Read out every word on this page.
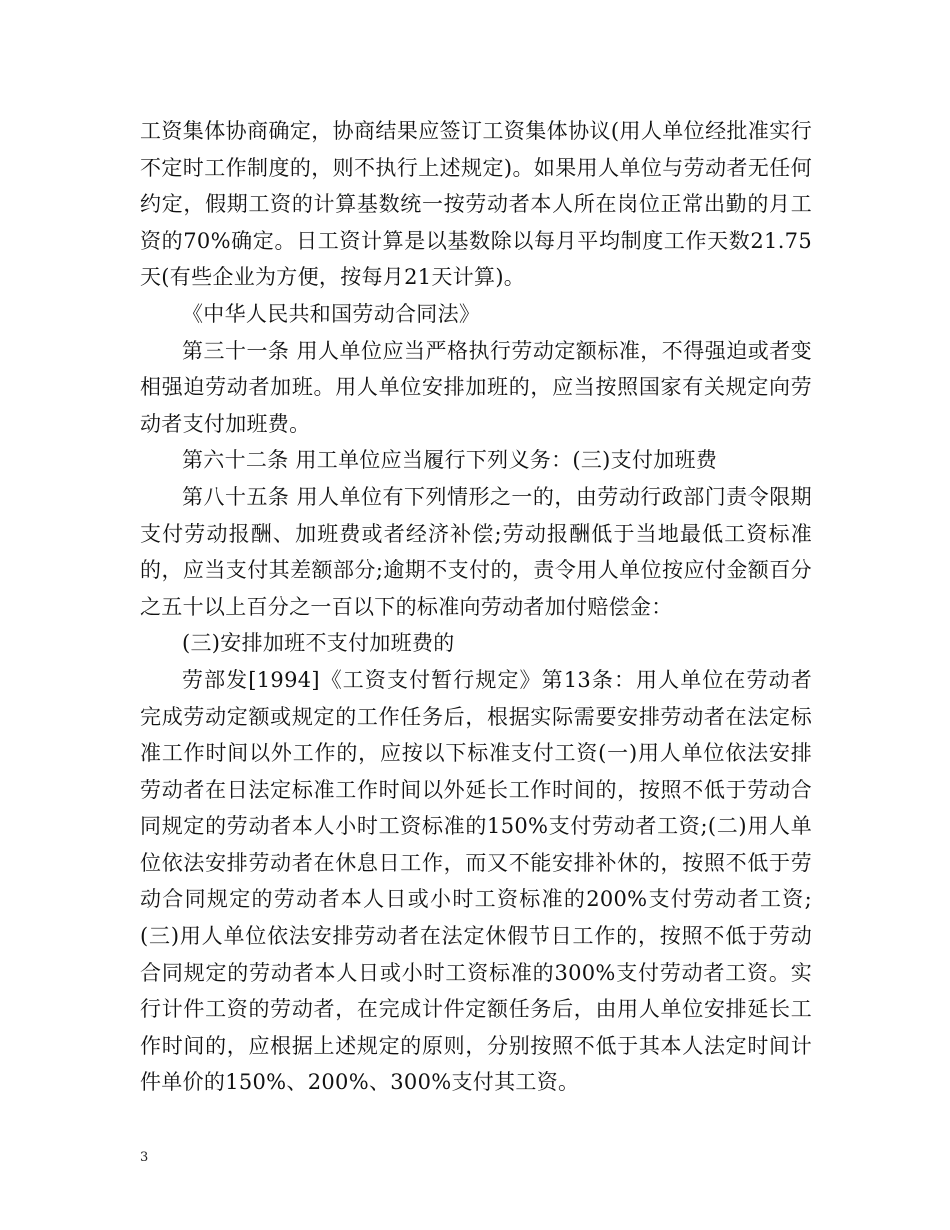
工资集体协商确定，协商结果应签订工资集体协议(用人单位经批准实行不定时工作制度的，则不执行上述规定)。如果用人单位与劳动者无任何约定，假期工资的计算基数统一按劳动者本人所在岗位正常出勤的月工资的70%确定。日工资计算是以基数除以每月平均制度工作天数21.75天(有些企业为方便，按每月21天计算)。

《中华人民共和国劳动合同法》

第三十一条 用人单位应当严格执行劳动定额标准，不得强迫或者变相强迫劳动者加班。用人单位安排加班的，应当按照国家有关规定向劳动者支付加班费。

第六十二条 用工单位应当履行下列义务：(三)支付加班费

第八十五条 用人单位有下列情形之一的，由劳动行政部门责令限期支付劳动报酬、加班费或者经济补偿;劳动报酬低于当地最低工资标准的，应当支付其差额部分;逾期不支付的，责令用人单位按应付金额百分之五十以上百分之一百以下的标准向劳动者加付赔偿金：

(三)安排加班不支付加班费的

劳部发[1994]《工资支付暂行规定》第13条：用人单位在劳动者完成劳动定额或规定的工作任务后，根据实际需要安排劳动者在法定标准工作时间以外工作的，应按以下标准支付工资(一)用人单位依法安排劳动者在日法定标准工作时间以外延长工作时间的，按照不低于劳动合同规定的劳动者本人小时工资标准的150%支付劳动者工资;(二)用人单位依法安排劳动者在休息日工作，而又不能安排补休的，按照不低于劳动合同规定的劳动者本人日或小时工资标准的200%支付劳动者工资;(三)用人单位依法安排劳动者在法定休假节日工作的，按照不低于劳动合同规定的劳动者本人日或小时工资标准的300%支付劳动者工资。实行计件工资的劳动者，在完成计件定额任务后，由用人单位安排延长工作时间的，应根据上述规定的原则，分别按照不低于其本人法定时间计件单价的150%、200%、300%支付其工资。

3
